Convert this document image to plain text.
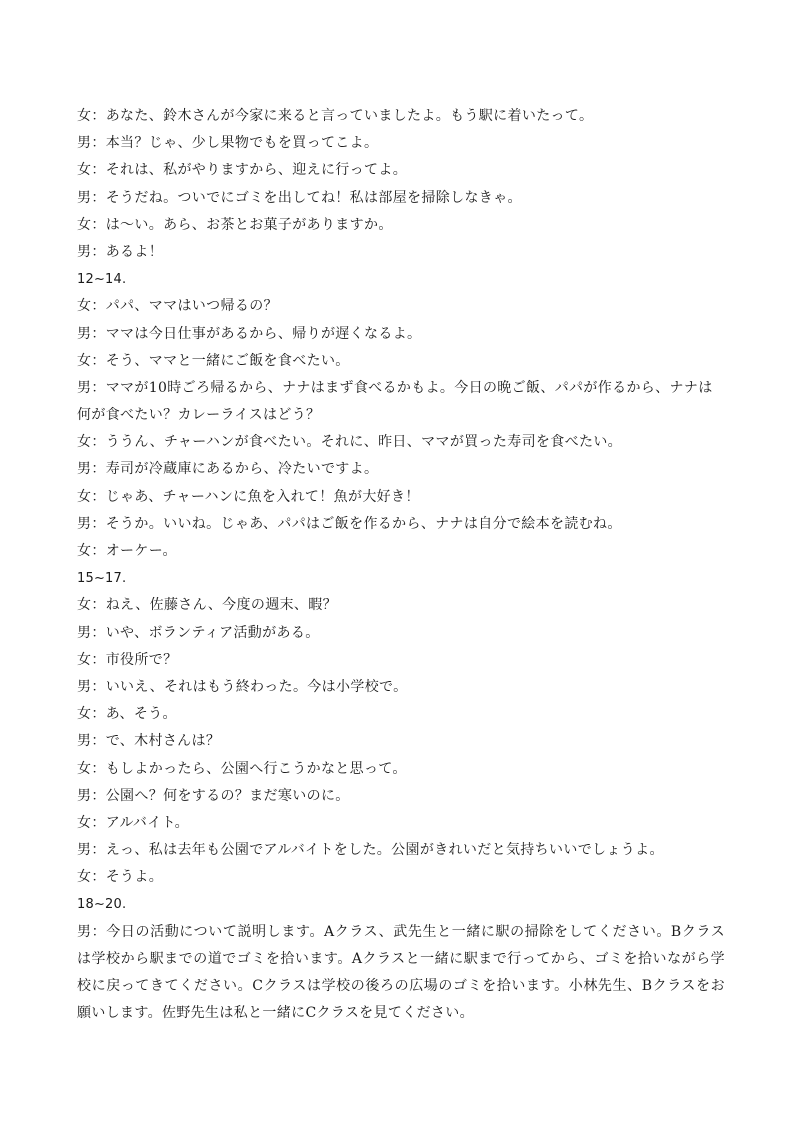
女：あなた、鈴木さんが今家に来ると言っていましたよ。もう駅に着いたって。
男：本当？じゃ、少し果物でもを買ってこよ。
女：それは、私がやりますから、迎えに行ってよ。
男：そうだね。ついでにゴミを出してね！私は部屋を掃除しなきゃ。
女：は～い。あら、お茶とお菓子がありますか。
男：あるよ！
12~14.
女：パパ、ママはいつ帰るの？
男：ママは今日仕事があるから、帰りが遅くなるよ。
女：そう、ママと一緒にご飯を食べたい。
男：ママが10時ごろ帰るから、ナナはまず食べるかもよ。今日の晩ご飯、パパが作るから、ナナは
何が食べたい？カレーライスはどう？
女：ううん、チャーハンが食べたい。それに、昨日、ママが買った寿司を食べたい。
男：寿司が冷蔵庫にあるから、冷たいですよ。
女：じゃあ、チャーハンに魚を入れて！魚が大好き！
男：そうか。いいね。じゃあ、パパはご飯を作るから、ナナは自分で絵本を読むね。
女：オーケー。
15~17.
女：ねえ、佐藤さん、今度の週末、暇？
男：いや、ボランティア活動がある。
女：市役所で？
男：いいえ、それはもう終わった。今は小学校で。
女：あ、そう。
男：で、木村さんは？
女：もしよかったら、公園へ行こうかなと思って。
男：公園へ？何をするの？まだ寒いのに。
女：アルバイト。
男：えっ、私は去年も公園でアルバイトをした。公園がきれいだと気持ちいいでしょうよ。
女：そうよ。
18~20.
男：今日の活動について説明します。Aクラス、武先生と一緒に駅の掃除をしてください。Bクラスは学校から駅までの道でゴミを拾います。Aクラスと一緒に駅まで行ってから、ゴミを拾いながら学校に戻ってきてください。Cクラスは学校の後ろの広場のゴミを拾います。小林先生、Bクラスをお願いします。佐野先生は私と一緒にCクラスを見てください。
